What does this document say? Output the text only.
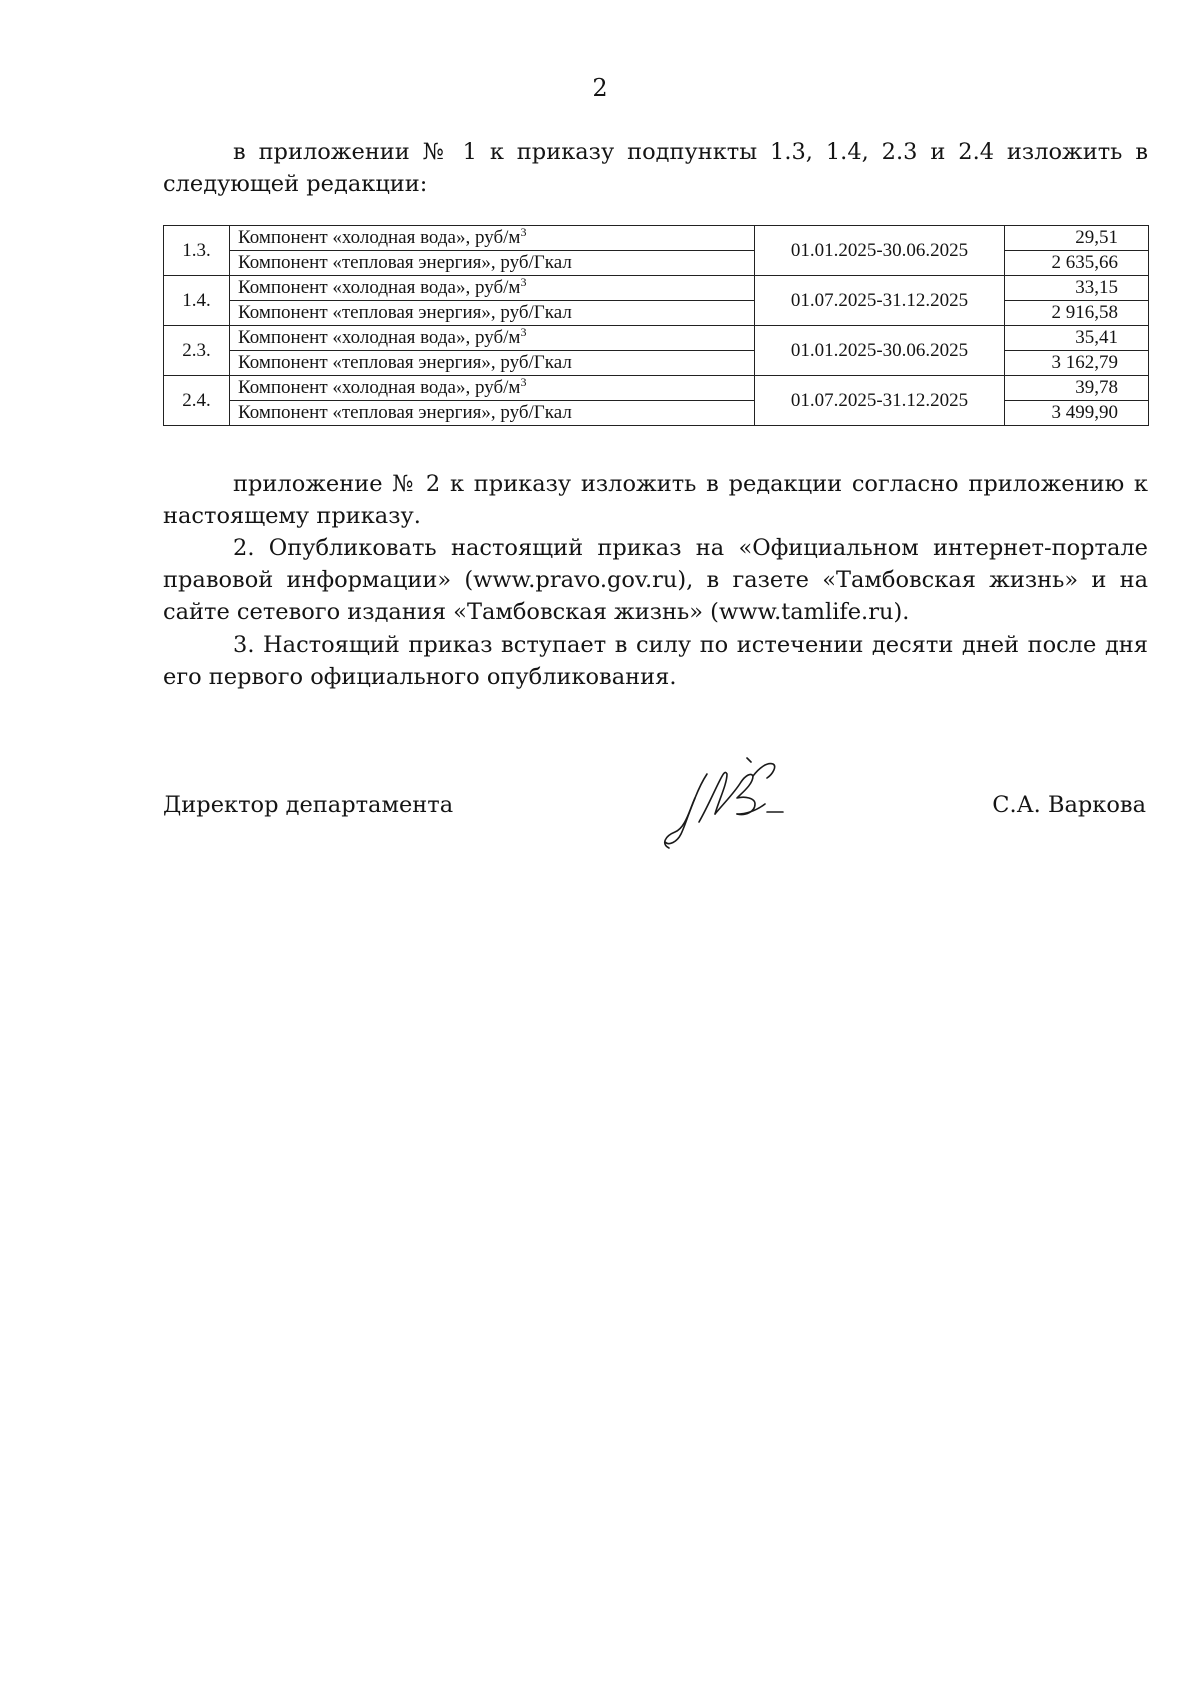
2

в приложении № 1 к приказу подпункты 1.3, 1.4, 2.3 и 2.4 изложить в следующей редакции:

1.3.	Компонент «холодная вода», руб/$м^3$	01.01.2025-30.06.2025	29,51
	Компонент «тепловая энергия», руб/Гкал		2 635,66
1.4.	Компонент «холодная вода», руб/$м^3$	01.07.2025-31.12.2025	33,15
	Компонент «тепловая энергия», руб/Гкал		2 916,58
2.3.	Компонент «холодная вода», руб/$м^3$	01.01.2025-30.06.2025	35,41
	Компонент «тепловая энергия», руб/Гкал		3 162,79
2.4.	Компонент «холодная вода», руб/$м^3$	01.07.2025-31.12.2025	39,78
	Компонент «тепловая энергия», руб/Гкал		3 499,90

приложение № 2 к приказу изложить в редакции согласно приложению к настоящему приказу.

2. Опубликовать настоящий приказ на «Официальном интернет-портале правовой информации» (www.pravo.gov.ru), в газете «Тамбовская жизнь» и на сайте сетевого издания «Тамбовская жизнь» (www.tamlife.ru).

3. Настоящий приказ вступает в силу по истечении десяти дней после дня его первого официального опубликования.

Директор департамента	С.А. Варкова
